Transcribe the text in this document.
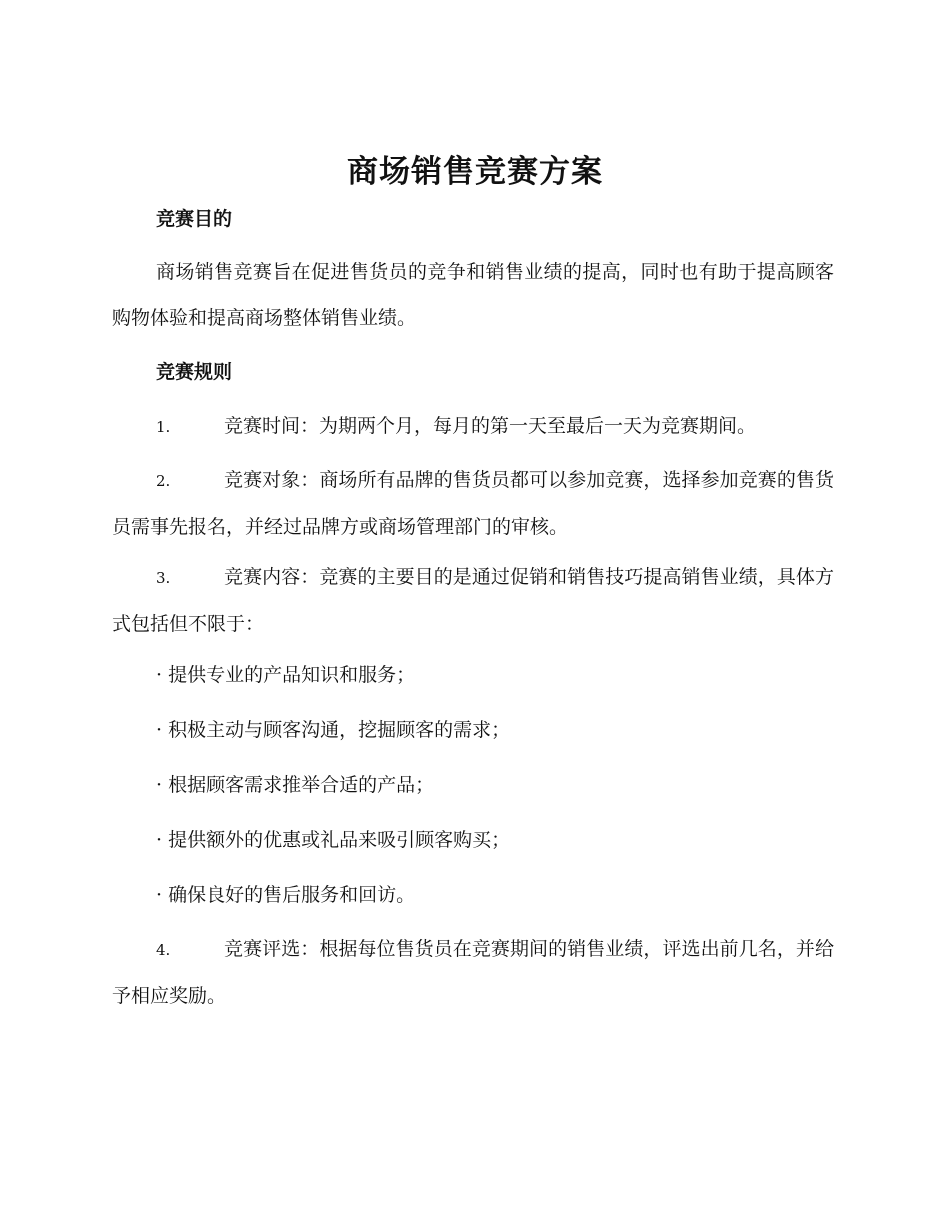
商场销售竞赛方案
竞赛目的

商场销售竞赛旨在促进售货员的竞争和销售业绩的提高，同时也有助于提高顾客购物体验和提高商场整体销售业绩。

竞赛规则

1.	竞赛时间：为期两个月，每月的第一天至最后一天为竞赛期间。

2.	竞赛对象：商场所有品牌的售货员都可以参加竞赛，选择参加竞赛的售货员需事先报名，并经过品牌方或商场管理部门的审核。

3.	竞赛内容：竞赛的主要目的是通过促销和销售技巧提高销售业绩，具体方式包括但不限于：

· 提供专业的产品知识和服务；

· 积极主动与顾客沟通，挖掘顾客的需求；

· 根据顾客需求推举合适的产品；

· 提供额外的优惠或礼品来吸引顾客购买；

· 确保良好的售后服务和回访。

4.	竞赛评选：根据每位售货员在竞赛期间的销售业绩，评选出前几名，并给予相应奖励。
